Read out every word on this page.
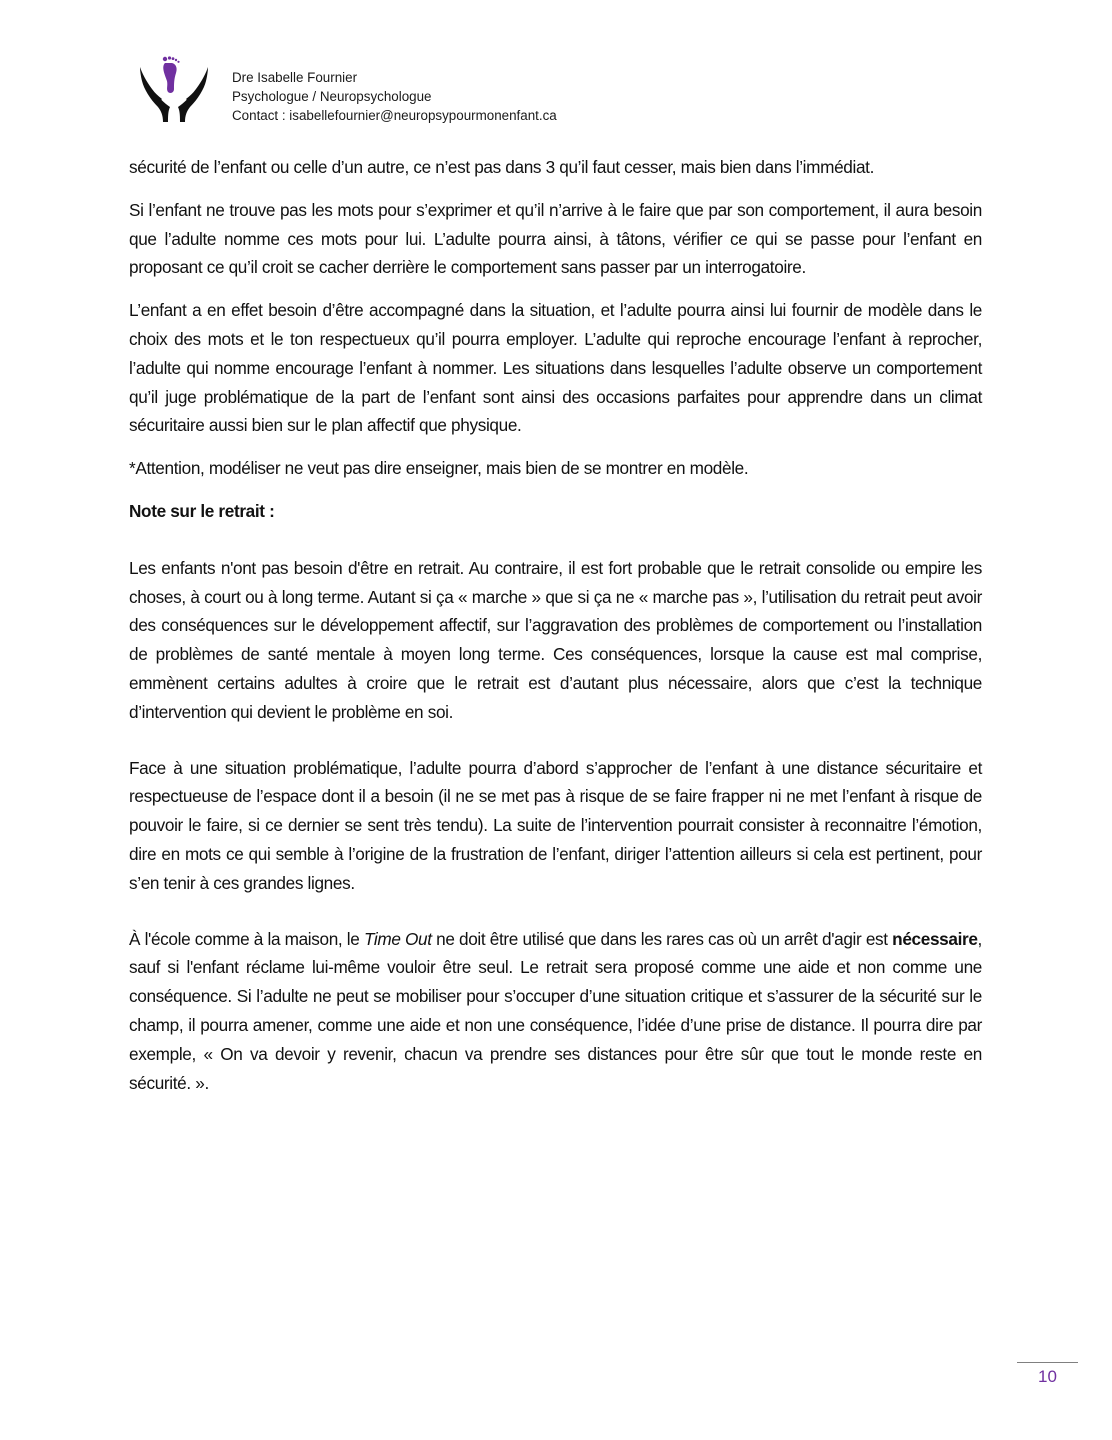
Dre Isabelle Fournier
Psychologue / Neuropsychologue
Contact : isabellefournier@neuropsypourmonenfant.ca

sécurité de l’enfant ou celle d’un autre, ce n’est pas dans 3 qu’il faut cesser, mais bien dans l’immédiat.

Si l’enfant ne trouve pas les mots pour s’exprimer et qu’il n’arrive à le faire que par son comportement, il aura besoin que l’adulte nomme ces mots pour lui. L’adulte pourra ainsi, à tâtons, vérifier ce qui se passe pour l’enfant en proposant ce qu’il croit se cacher derrière le comportement sans passer par un interrogatoire.

L’enfant a en effet besoin d’être accompagné dans la situation, et l’adulte pourra ainsi lui fournir de modèle dans le choix des mots et le ton respectueux qu’il pourra employer. L’adulte qui reproche encourage l’enfant à reprocher, l’adulte qui nomme encourage l’enfant à nommer. Les situations dans lesquelles l’adulte observe un comportement qu’il juge problématique de la part de l’enfant sont ainsi des occasions parfaites pour apprendre dans un climat sécuritaire aussi bien sur le plan affectif que physique.

*Attention, modéliser ne veut pas dire enseigner, mais bien de se montrer en modèle.

Note sur le retrait :

Les enfants n'ont pas besoin d'être en retrait. Au contraire, il est fort probable que le retrait consolide ou empire les choses, à court ou à long terme. Autant si ça « marche » que si ça ne « marche pas », l’utilisation du retrait peut avoir des conséquences sur le développement affectif, sur l’aggravation des problèmes de comportement ou l’installation de problèmes de santé mentale à moyen long terme. Ces conséquences, lorsque la cause est mal comprise, emmènent certains adultes à croire que le retrait est d’autant plus nécessaire, alors que c’est la technique d’intervention qui devient le problème en soi.

Face à une situation problématique, l’adulte pourra d’abord s’approcher de l’enfant à une distance sécuritaire et respectueuse de l’espace dont il a besoin (il ne se met pas à risque de se faire frapper ni ne met l’enfant à risque de pouvoir le faire, si ce dernier se sent très tendu). La suite de l’intervention pourrait consister à reconnaitre l’émotion, dire en mots ce qui semble à l’origine de la frustration de l’enfant, diriger l’attention ailleurs si cela est pertinent, pour s’en tenir à ces grandes lignes.

À l'école comme à la maison, le Time Out ne doit être utilisé que dans les rares cas où un arrêt d'agir est nécessaire, sauf si l'enfant réclame lui-même vouloir être seul. Le retrait sera proposé comme une aide et non comme une conséquence. Si l’adulte ne peut se mobiliser pour s’occuper d’une situation critique et s’assurer de la sécurité sur le champ, il pourra amener, comme une aide et non une conséquence, l’idée d’une prise de distance. Il pourra dire par exemple, « On va devoir y revenir, chacun va prendre ses distances pour être sûr que tout le monde reste en sécurité. ».

10
